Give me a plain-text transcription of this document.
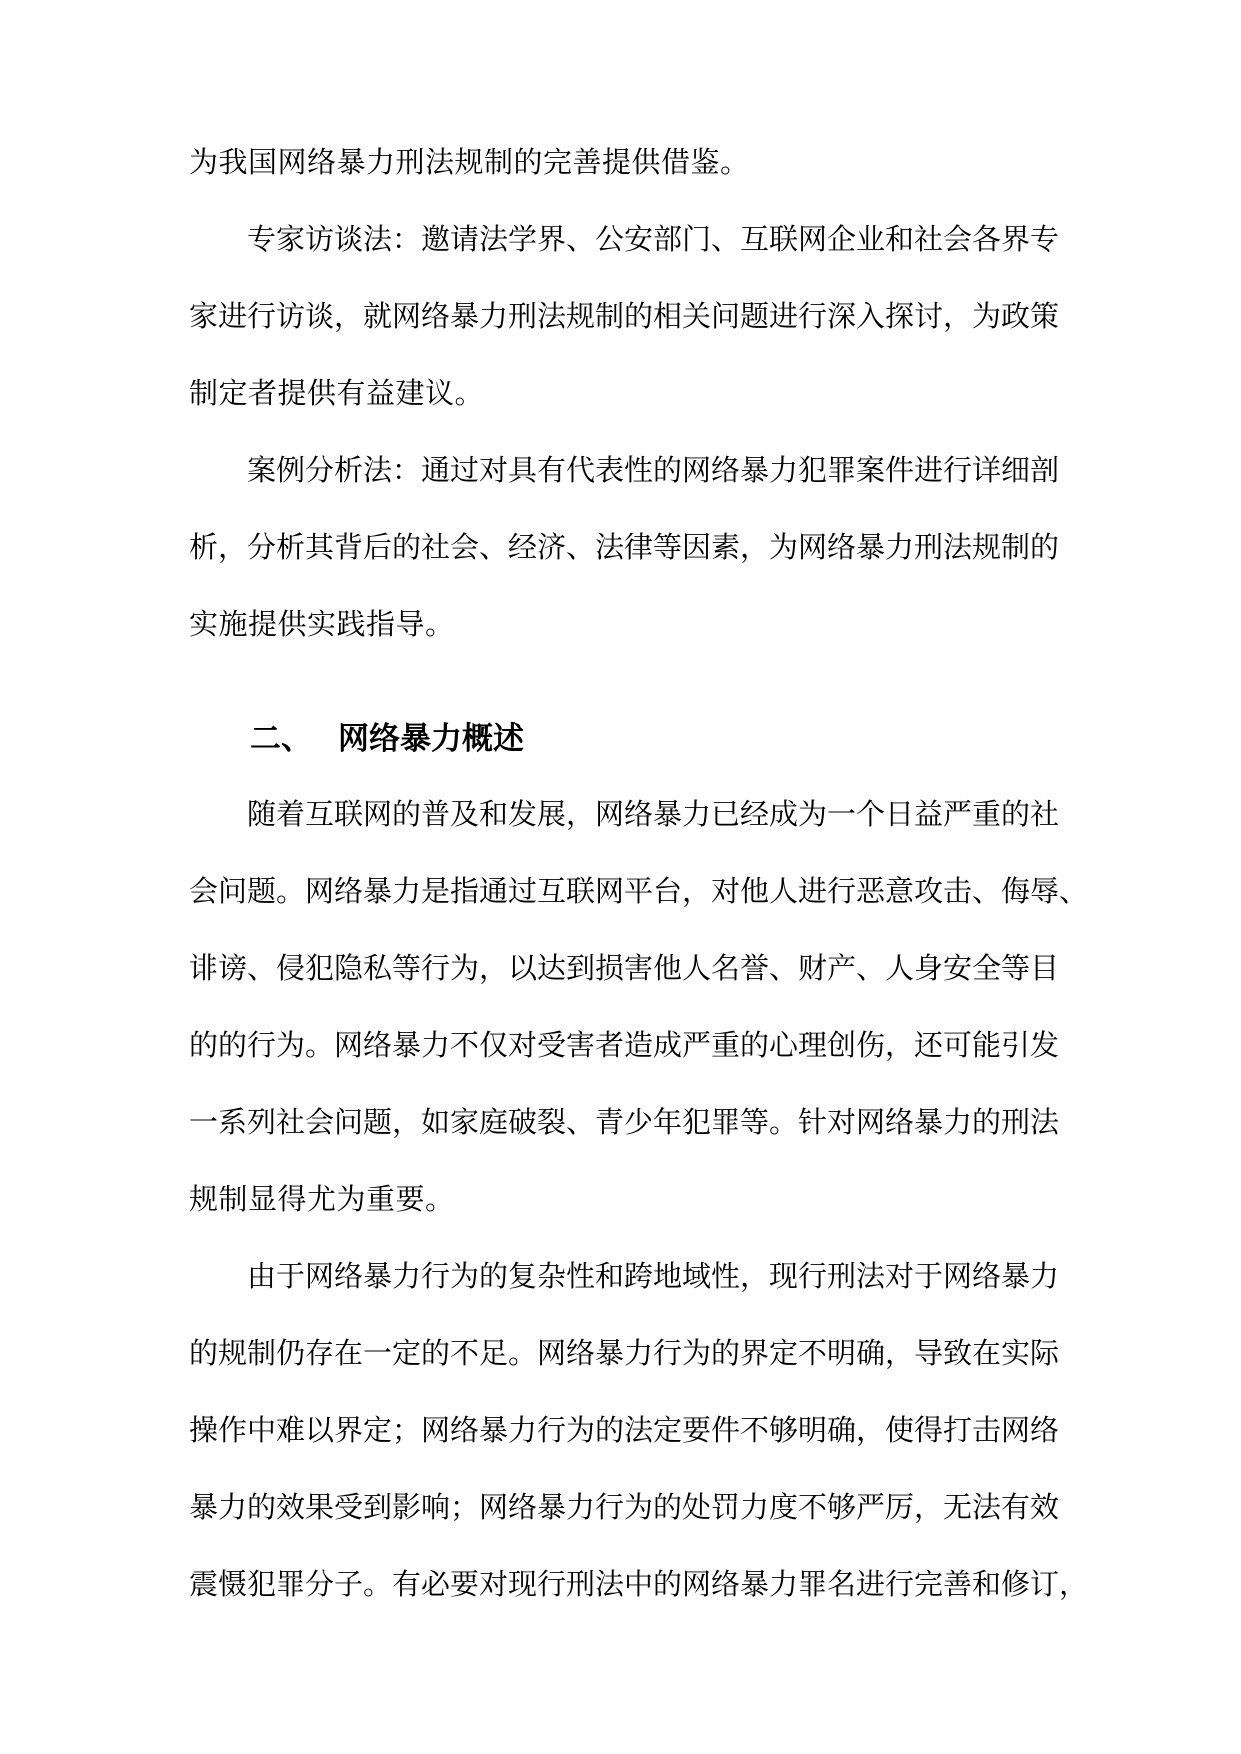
为我国网络暴力刑法规制的完善提供借鉴。
专家访谈法：邀请法学界、公安部门、互联网企业和社会各界专
家进行访谈，就网络暴力刑法规制的相关问题进行深入探讨，为政策
制定者提供有益建议。
案例分析法：通过对具有代表性的网络暴力犯罪案件进行详细剖
析，分析其背后的社会、经济、法律等因素，为网络暴力刑法规制的
实施提供实践指导。
二、 网络暴力概述
随着互联网的普及和发展，网络暴力已经成为一个日益严重的社
会问题。网络暴力是指通过互联网平台，对他人进行恶意攻击、侮辱、
诽谤、侵犯隐私等行为，以达到损害他人名誉、财产、人身安全等目
的的行为。网络暴力不仅对受害者造成严重的心理创伤，还可能引发
一系列社会问题，如家庭破裂、青少年犯罪等。针对网络暴力的刑法
规制显得尤为重要。
由于网络暴力行为的复杂性和跨地域性，现行刑法对于网络暴力
的规制仍存在一定的不足。网络暴力行为的界定不明确，导致在实际
操作中难以界定；网络暴力行为的法定要件不够明确，使得打击网络
暴力的效果受到影响；网络暴力行为的处罚力度不够严厉，无法有效
震慑犯罪分子。有必要对现行刑法中的网络暴力罪名进行完善和修订，
